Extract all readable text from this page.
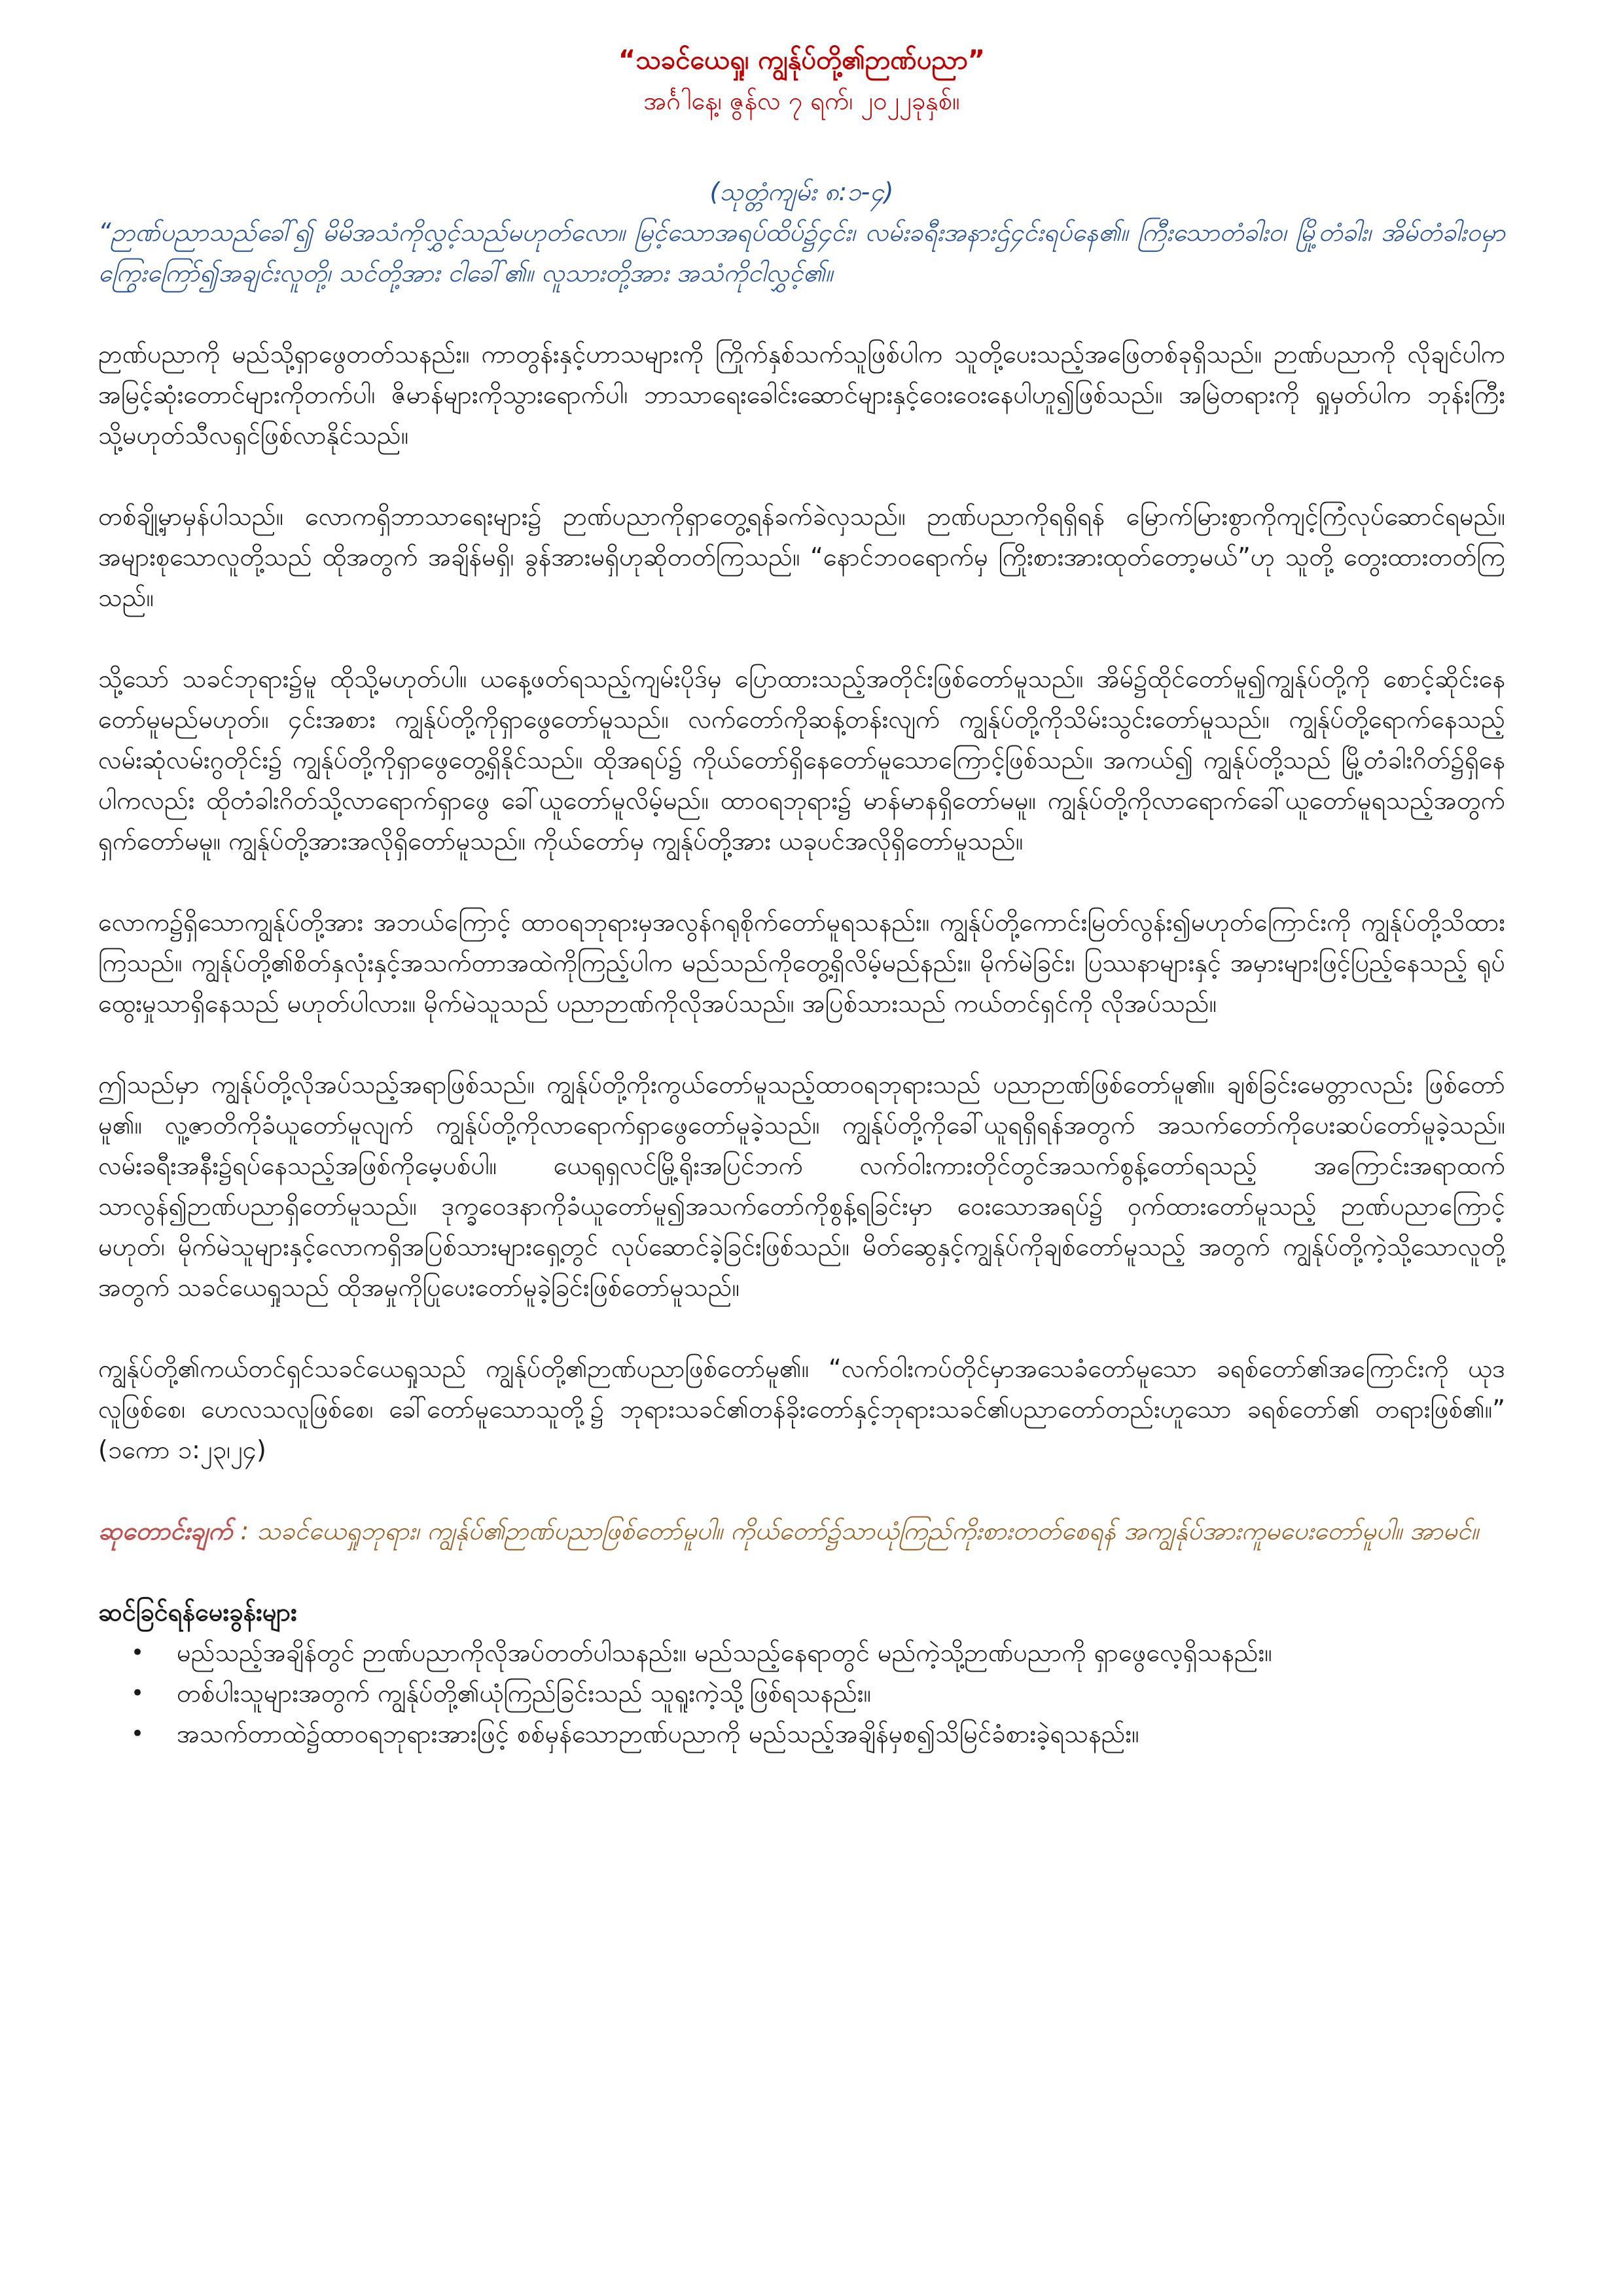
“သခင်ယေရှု၊ ကျွန်ုပ်တို့၏ဉာဏ်ပညာ”

အင်္ဂါနေ့၊ ဇွန်လ ၇ ရက်၊ ၂၀၂၂ခုနှစ်။

(သုတ္တံကျမ်း ၈:၁-၄)

“ဉာဏ်ပညာသည်ခေါ်၍ မိမိအသံကိုလွှင့်သည်မဟုတ်လော။ မြင့်သောအရပ်ထိပ်၌၄င်း၊ လမ်းခရီးအနားဌ်၄င်းရပ်နေ၏။ ကြီးသောတံခါး၀၊ မြို့တံခါး၊ အိမ်တံခါး၀မှာ ကြွေးကြော်၍အချင်းလူတို့၊ သင်တို့အား ငါခေါ်၏။ လူသားတို့အား အသံကိုငါလွှင့်၏။

ဉာဏ်ပညာကို မည်သို့ရှာဖွေတတ်သနည်း။ ကာတွန်းနှင့်ဟာသများကို ကြိုက်နှစ်သက်သူဖြစ်ပါက သူတို့ပေးသည့်အဖြေတစ်ခုရှိသည်။ ဉာဏ်ပညာကို လိုချင်ပါက အမြင့်ဆုံးတောင်များကိုတက်ပါ၊ ဇိမာန်များကိုသွားရောက်ပါ၊ ဘာသာရေးခေါင်းဆောင်များနှင့်ဝေးဝေးနေပါဟူ၍ဖြစ်သည်။ အမြဲတရားကို ရှုမှတ်ပါက ဘုန်းကြီးသို့မဟုတ်သီလရှင်ဖြစ်လာနိုင်သည်။

တစ်ချို့မှာမှန်ပါသည်။ လောကရှိဘာသာရေးများ၌ ဉာဏ်ပညာကိုရှာတွေ့ရန်ခက်ခဲလှသည်။ ဉာဏ်ပညာကိုရရှိရန် မြောက်မြားစွာကိုကျင့်ကြံလုပ်ဆောင်ရမည်။ အများစုသောလူတို့သည် ထိုအတွက် အချိန်မရှိ၊ ခွန်အားမရှိဟုဆိုတတ်ကြသည်။ “နောင်ဘ၀ရောက်မှ ကြိုးစားအားထုတ်တော့မယ်”ဟု သူတို့ တွေးထားတတ်ကြသည်။

သို့သော် သခင်ဘုရား၌မူ ထိုသို့မဟုတ်ပါ။ ယနေ့ဖတ်ရသည့်ကျမ်းပိုဒ်မှ ပြောထားသည့်အတိုင်းဖြစ်တော်မူသည်။ အိမ်၌ထိုင်တော်မူ၍ကျွန်ုပ်တို့ကို စောင့်ဆိုင်းနေတော်မူမည်မဟုတ်။ ၄င်းအစား ကျွန်ုပ်တို့ကိုရှာဖွေတော်မူသည်။ လက်တော်ကိုဆန့်တန်းလျက် ကျွန်ုပ်တို့ကိုသိမ်းသွင်းတော်မူသည်။ ကျွန်ုပ်တို့ရောက်နေသည့်လမ်းဆုံလမ်းဂွတိုင်း၌ ကျွန်ုပ်တို့ကိုရှာဖွေတွေ့ရှိနိုင်သည်။ ထိုအရပ်၌ ကိုယ်တော်ရှိနေတော်မူသောကြောင့်ဖြစ်သည်။ အကယ်၍ ကျွန်ုပ်တို့သည် မြို့တံခါးဂိတ်၌ရှိနေပါကလည်း ထိုတံခါးဂိတ်သို့လာရောက်ရှာဖွေ ခေါ်ယူတော်မူလိမ့်မည်။ ထာဝရဘုရား၌ မာန်မာနရှိတော်မမူ။ ကျွန်ုပ်တို့ကိုလာရောက်ခေါ်ယူတော်မူရသည့်အတွက်ရှက်တော်မမူ။ ကျွန်ုပ်တို့အားအလိုရှိတော်မူသည်။ ကိုယ်တော်မှ ကျွန်ုပ်တို့အား ယခုပင်အလိုရှိတော်မူသည်။

လောက၌ရှိသောကျွန်ုပ်တို့အား အဘယ်ကြောင့် ထာဝရဘုရားမှအလွန်ဂရုစိုက်တော်မူရသနည်း။ ကျွန်ုပ်တို့ကောင်းမြတ်လွန်း၍မဟုတ်ကြောင်းကို ကျွန်ုပ်တို့သိထားကြသည်။ ကျွန်ုပ်တို့၏စိတ်နှလုံးနှင့်အသက်တာအထဲကိုကြည့်ပါက မည်သည်ကိုတွေ့ရှိလိမ့်မည်နည်း။ မိုက်မဲခြင်း၊ ပြဿနာများနှင့် အမှားများဖြင့်ပြည့်နေသည့် ရုပ်ထွေးမှုသာရှိနေသည် မဟုတ်ပါလား။ မိုက်မဲသူသည် ပညာဉာဏ်ကိုလိုအပ်သည်။ အပြစ်သားသည် ကယ်တင်ရှင်ကို လိုအပ်သည်။

ဤသည်မှာ ကျွန်ုပ်တို့လိုအပ်သည့်အရာဖြစ်သည်။ ကျွန်ုပ်တို့ကိုးကွယ်တော်မူသည့်ထာဝရဘုရားသည် ပညာဉာဏ်ဖြစ်တော်မူ၏။ ချစ်ခြင်းမေတ္တာလည်း ဖြစ်တော်မူ၏။ လူ့ဇာတိကိုခံယူတော်မူလျက် ကျွန်ုပ်တို့ကိုလာရောက်ရှာဖွေတော်မူခဲ့သည်။ ကျွန်ုပ်တို့ကိုခေါ်ယူရရှိရန်အတွက် အသက်တော်ကိုပေးဆပ်တော်မူခဲ့သည်။ လမ်းခရီးအနီး၌ရပ်နေသည့်အဖြစ်ကိုမေ့ပစ်ပါ။ ယေရုရှလင်မြို့ရိုးအပြင်ဘက် လက်ဝါးကားတိုင်တွင်အသက်စွန့်တော်ရသည့် အကြောင်းအရာထက် သာလွန်၍ဉာဏ်ပညာရှိတော်မူသည်။ ဒုက္ခဝေဒနာကိုခံယူတော်မူ၍အသက်တော်ကိုစွန့်ရခြင်းမှာ ဝေးသောအရပ်၌ ဝှက်ထားတော်မူသည့် ဉာဏ်ပညာကြောင့်မဟုတ်၊ မိုက်မဲသူများနှင့်လောကရှိအပြစ်သားများရှေ့တွင် လုပ်ဆောင်ခဲ့ခြင်းဖြစ်သည်။ မိတ်ဆွေနှင့်ကျွန်ုပ်ကိုချစ်တော်မူသည့် အတွက် ကျွန်ုပ်တို့ကဲ့သို့သောလူတို့အတွက် သခင်ယေရှုသည် ထိုအမှုကိုပြုပေးတော်မူခဲ့ခြင်းဖြစ်တော်မူသည်။

ကျွန်ုပ်တို့၏ကယ်တင်ရှင်သခင်ယေရှုသည် ကျွန်ုပ်တို့၏ဉာဏ်ပညာဖြစ်တော်မူ၏။ “လက်ဝါးကပ်တိုင်မှာအသေခံတော်မူသော ခရစ်တော်၏အကြောင်းကို ယုဒလူဖြစ်စေ၊ ဟေလသလူဖြစ်စေ၊ ခေါ်တော်မူသောသူတို့၌ ဘုရားသခင်၏တန်ခိုးတော်နှင့်ဘုရားသခင်၏ပညာတော်တည်းဟူသော ခရစ်တော်၏ တရားဖြစ်၏။” (၁ကော ၁:၂၃၊၂၄)

ဆုတောင်းချက် : သခင်ယေရှုဘုရား၊ ကျွန်ုပ်၏ဉာဏ်ပညာဖြစ်တော်မူပါ။ ကိုယ်တော်၌သာယုံကြည်ကိုးစားတတ်စေရန် အကျွန်ုပ်အားကူမပေးတော်မူပါ။ အာမင်။

ဆင်ခြင်ရန်မေးခွန်းများ

•	မည်သည့်အချိန်တွင် ဉာဏ်ပညာကိုလိုအပ်တတ်ပါသနည်း။ မည်သည့်နေရာတွင် မည်ကဲ့သို့ဉာဏ်ပညာကို ရှာဖွေလေ့ရှိသနည်း။
•	တစ်ပါးသူများအတွက် ကျွန်ုပ်တို့၏ယုံကြည်ခြင်းသည် သူရူးကဲ့သို့ဖြစ်ရသနည်း။
•	အသက်တာထဲ၌ထာဝရဘုရားအားဖြင့် စစ်မှန်သောဉာဏ်ပညာကို မည်သည့်အချိန်မှစ၍သိမြင်ခံစားခဲ့ရသနည်း။
